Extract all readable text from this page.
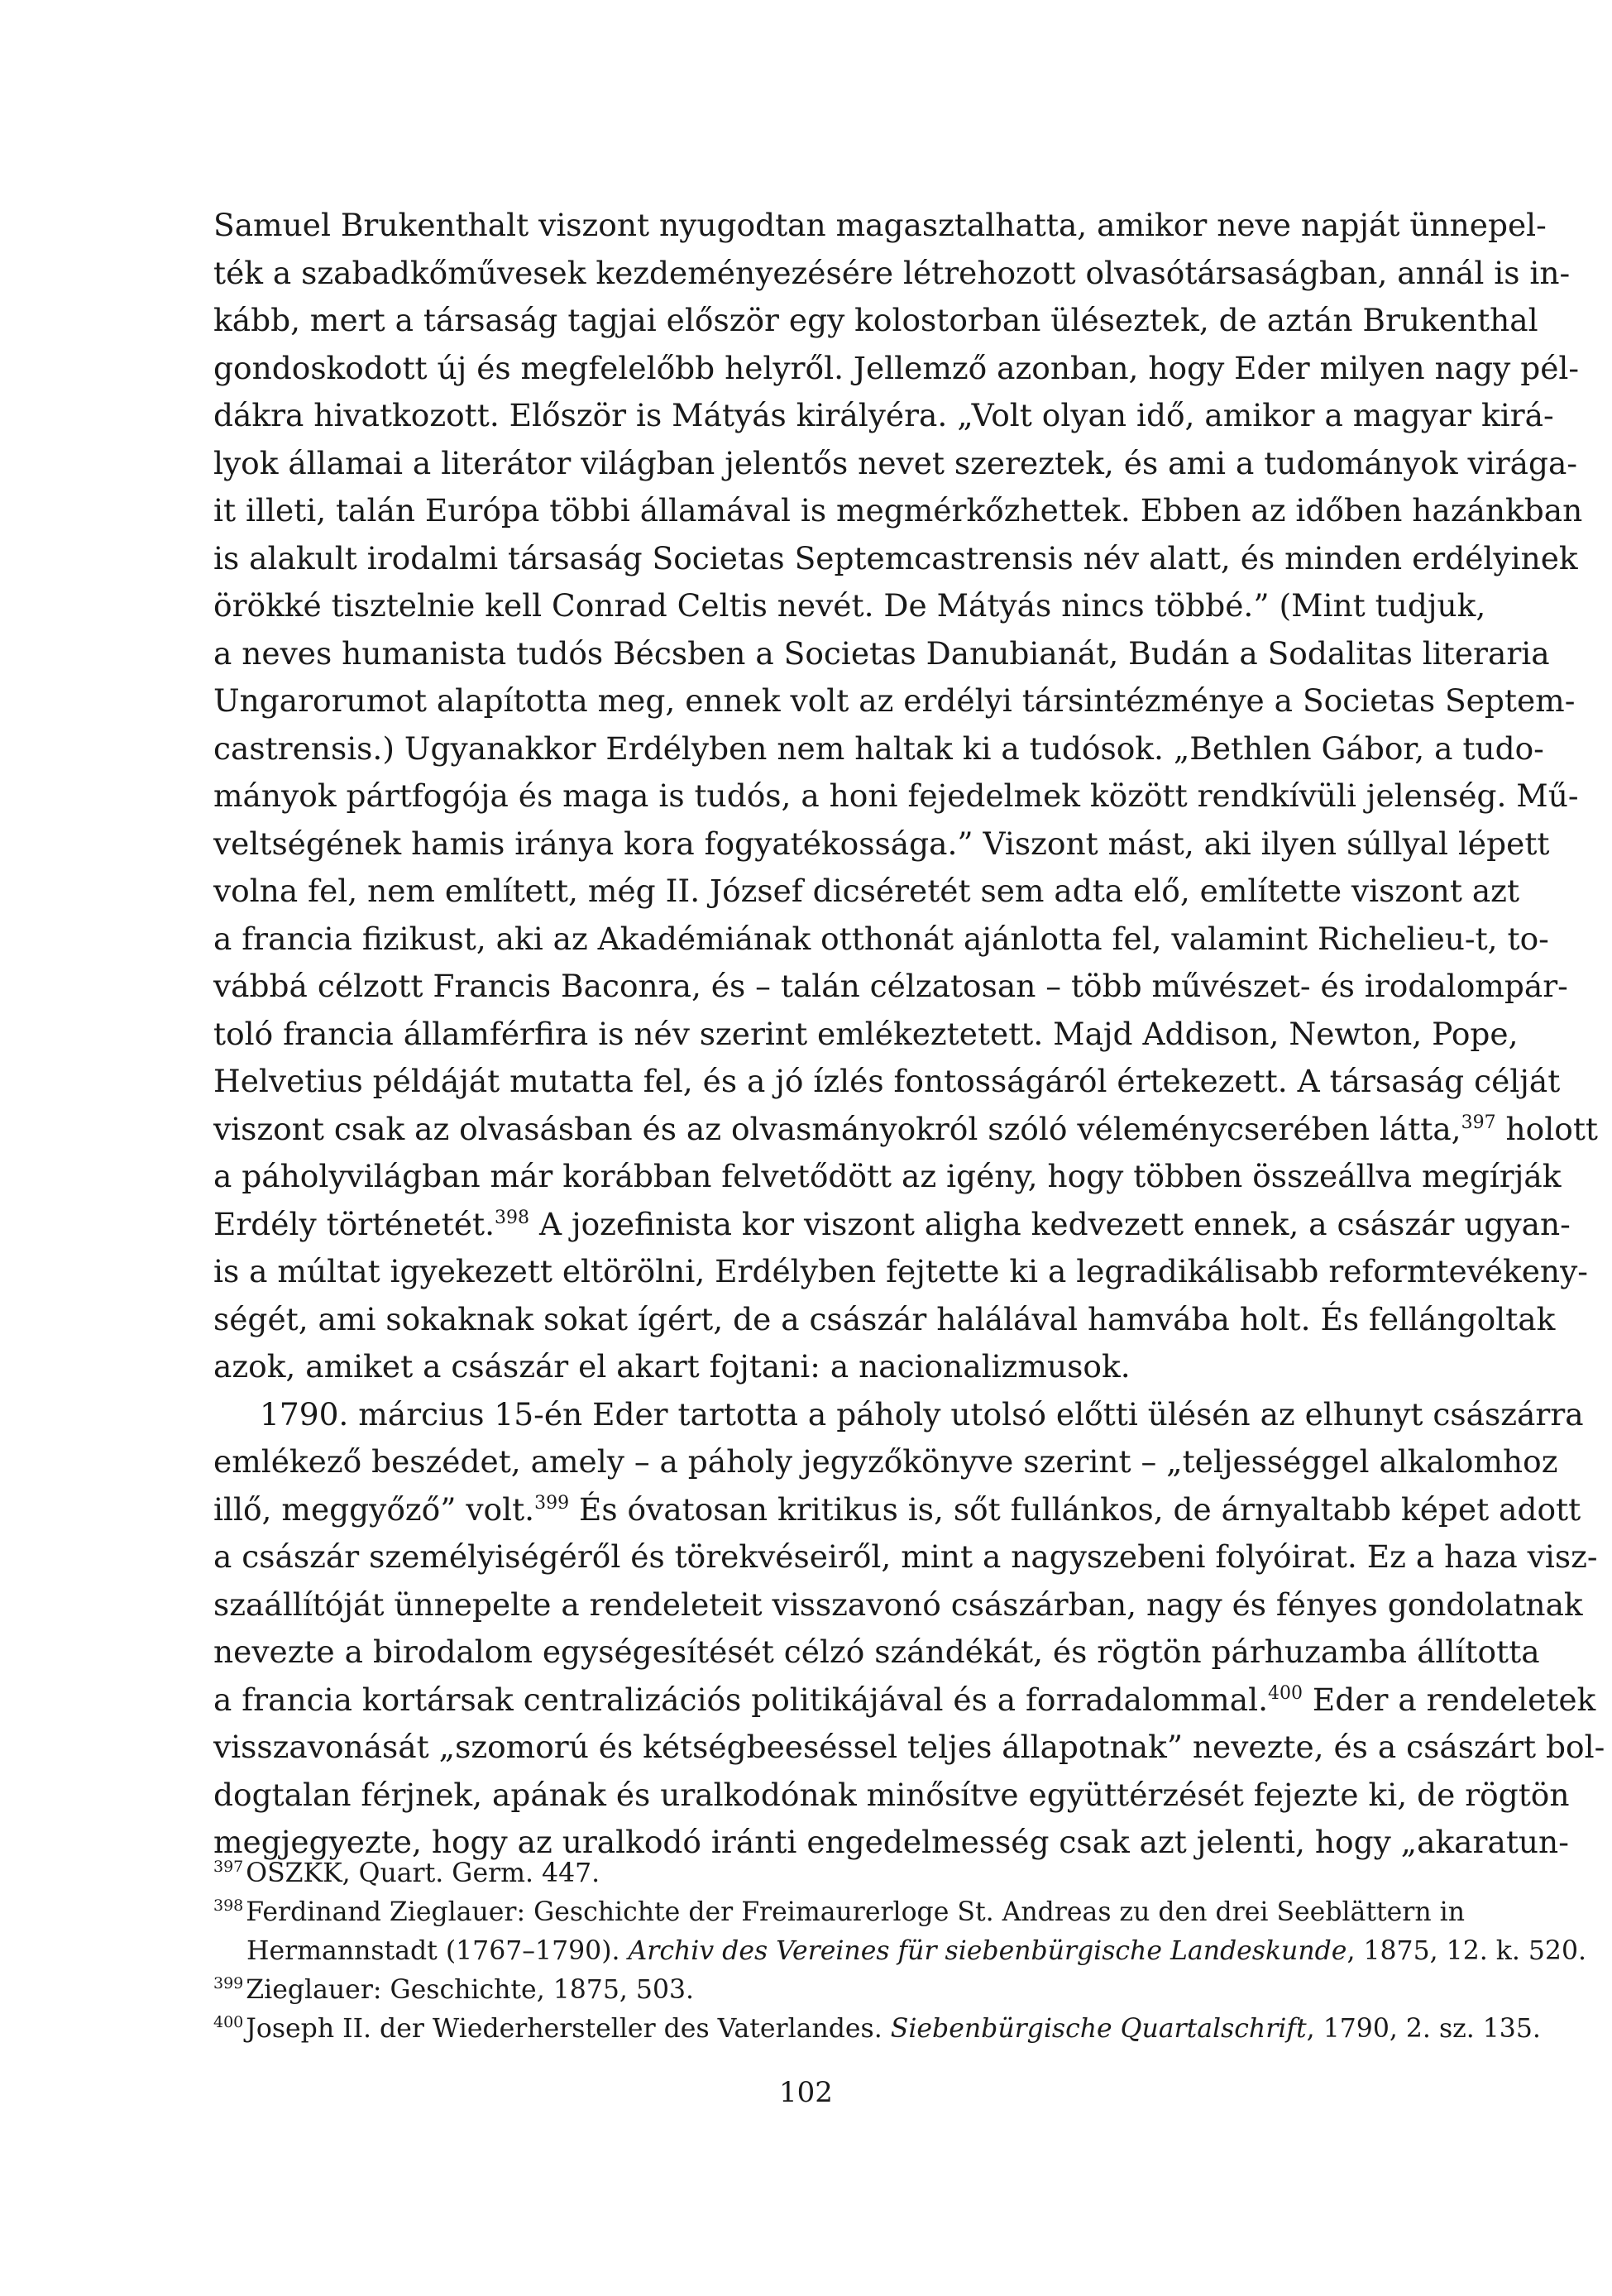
Samuel Brukenthalt viszont nyugodtan magasztalhatta, amikor neve napját ünnepel-
ték a szabadkőművesek kezdeményezésére létrehozott olvasótársaságban, annál is in-
kább, mert a társaság tagjai először egy kolostorban üléseztek, de aztán Brukenthal
gondoskodott új és megfelelőbb helyről. Jellemző azonban, hogy Eder milyen nagy pél-
dákra hivatkozott. Először is Mátyás királyéra. „Volt olyan idő, amikor a magyar kirá-
lyok államai a literátor világban jelentős nevet szereztek, és ami a tudományok virága-
it illeti, talán Európa többi államával is megmérkőzhettek. Ebben az időben hazánkban
is alakult irodalmi társaság Societas Septemcastrensis név alatt, és minden erdélyinek
örökké tisztelnie kell Conrad Celtis nevét. De Mátyás nincs többé.” (Mint tudjuk,
a neves humanista tudós Bécsben a Societas Danubianát, Budán a Sodalitas literaria
Ungarorumot alapította meg, ennek volt az erdélyi társintézménye a Societas Septem-
castrensis.) Ugyanakkor Erdélyben nem haltak ki a tudósok. „Bethlen Gábor, a tudo-
mányok pártfogója és maga is tudós, a honi fejedelmek között rendkívüli jelenség. Mű-
veltségének hamis iránya kora fogyatékossága.” Viszont mást, aki ilyen súllyal lépett
volna fel, nem említett, még II. József dicséretét sem adta elő, említette viszont azt
a francia fizikust, aki az Akadémiának otthonát ajánlotta fel, valamint Richelieu-t, to-
vábbá célzott Francis Baconra, és – talán célzatosan – több művészet- és irodalompár-
toló francia államférfira is név szerint emlékeztetett. Majd Addison, Newton, Pope,
Helvetius példáját mutatta fel, és a jó ízlés fontosságáról értekezett. A társaság célját
viszont csak az olvasásban és az olvasmányokról szóló véleménycserében látta,$^{397}$ holott
a páholyvilágban már korábban felvetődött az igény, hogy többen összeállva megírják
Erdély történetét.$^{398}$ A jozefinista kor viszont aligha kedvezett ennek, a császár ugyan-
is a múltat igyekezett eltörölni, Erdélyben fejtette ki a legradikálisabb reformtevékeny-
ségét, ami sokaknak sokat ígért, de a császár halálával hamvába holt. És fellángoltak
azok, amiket a császár el akart fojtani: a nacionalizmusok.
1790. március 15-én Eder tartotta a páholy utolsó előtti ülésén az elhunyt császárra
emlékező beszédet, amely – a páholy jegyzőkönyve szerint – „teljességgel alkalomhoz
illő, meggyőző” volt.$^{399}$ És óvatosan kritikus is, sőt fullánkos, de árnyaltabb képet adott
a császár személyiségéről és törekvéseiről, mint a nagyszebeni folyóirat. Ez a haza visz-
szaállítóját ünnepelte a rendeleteit visszavonó császárban, nagy és fényes gondolatnak
nevezte a birodalom egységesítését célzó szándékát, és rögtön párhuzamba állította
a francia kortársak centralizációs politikájával és a forradalommal.$^{400}$ Eder a rendeletek
visszavonását „szomorú és kétségbeeséssel teljes állapotnak” nevezte, és a császárt bol-
dogtalan férjnek, apának és uralkodónak minősítve együttérzését fejezte ki, de rögtön
megjegyezte, hogy az uralkodó iránti engedelmesség csak azt jelenti, hogy „akaratun-
$^{397}$OSZKK, Quart. Germ. 447.
$^{398}$Ferdinand Zieglauer: Geschichte der Freimaurerloge St. Andreas zu den drei Seeblättern in
Hermannstadt (1767–1790). Archiv des Vereines für siebenbürgische Landeskunde, 1875, 12. k. 520.
$^{399}$Zieglauer: Geschichte, 1875, 503.
$^{400}$Joseph II. der Wiederhersteller des Vaterlandes. Siebenbürgische Quartalschrift, 1790, 2. sz. 135.
102
